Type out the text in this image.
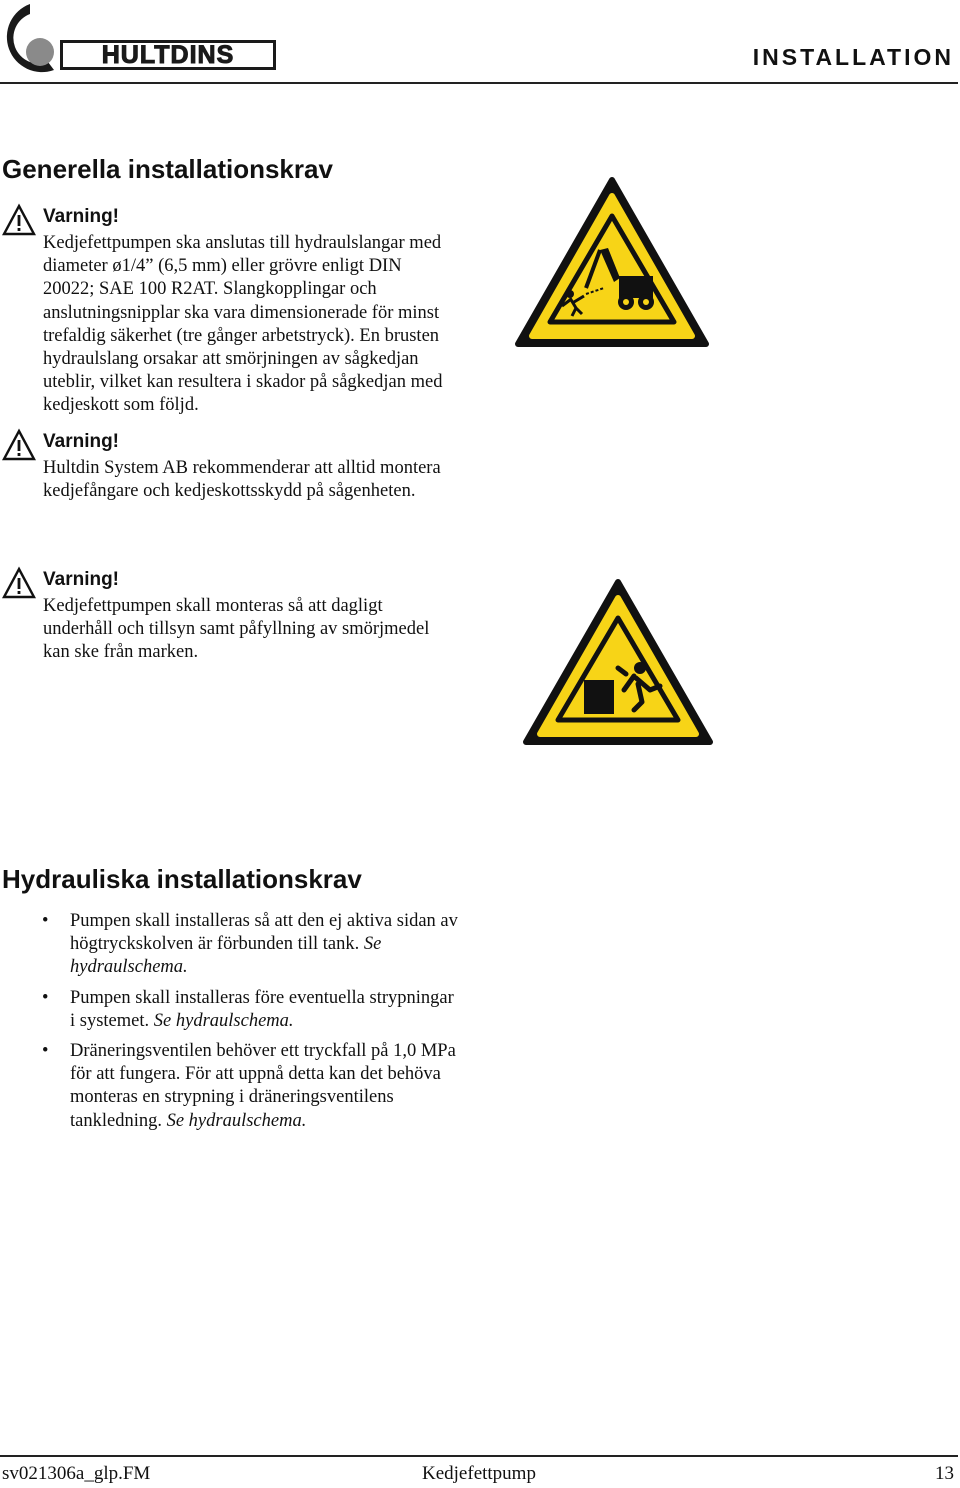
HULTDINS	INSTALLATION
Generella installationskrav
Varning!
Kedjefettpumpen ska anslutas till hydraulslangar med diameter ø1/4” (6,5 mm) eller grövre enligt DIN 20022; SAE 100 R2AT. Slangkopplingar och anslutningsnipplar ska vara dimensionerade för minst trefaldig säkerhet (tre gånger arbetstryck). En brusten hydraulslang orsakar att smörjningen av sågkedjan uteblir, vilket kan resultera i skador på sågkedjan med kedjeskott som följd.
Varning!
Hultdin System AB rekommenderar att alltid montera kedjefångare och kedjeskottsskydd på sågenheten.
Varning!
Kedjefettpumpen skall monteras så att dagligt underhåll och tillsyn samt påfyllning av smörjmedel kan ske från marken.
Hydrauliska installationskrav
• Pumpen skall installeras så att den ej aktiva sidan av högtryckskolven är förbunden till tank. Se hydraulschema.
• Pumpen skall installeras före eventuella strypningar i systemet. Se hydraulschema.
• Dräneringsventilen behöver ett tryckfall på 1,0 MPa för att fungera. För att uppnå detta kan det behöva monteras en strypning i dräneringsventilens tankledning. Se hydraulschema.
sv021306a_glp.FM	Kedjefettpump	13
